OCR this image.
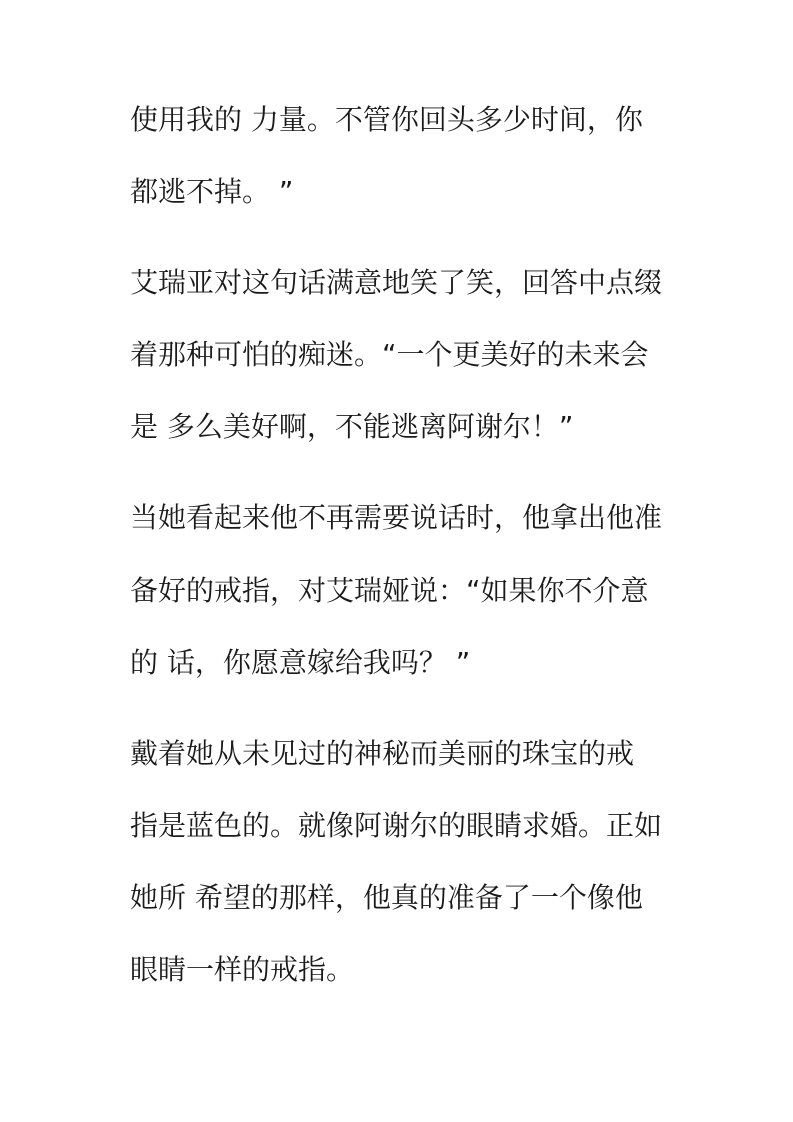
使用我的 力量。不管你回头多少时间，你
都逃不掉。 ”
艾瑞亚对这句话满意地笑了笑，回答中点缀
着那种可怕的痴迷。“一个更美好的未来会
是 多么美好啊，不能逃离阿谢尔！”
当她看起来他不再需要说话时，他拿出他准
备好的戒指，对艾瑞娅说：“如果你不介意
的 话，你愿意嫁给我吗？ ”
戴着她从未见过的神秘而美丽的珠宝的戒
指是蓝色的。就像阿谢尔的眼睛求婚。正如
她所 希望的那样，他真的准备了一个像他
眼睛一样的戒指。
